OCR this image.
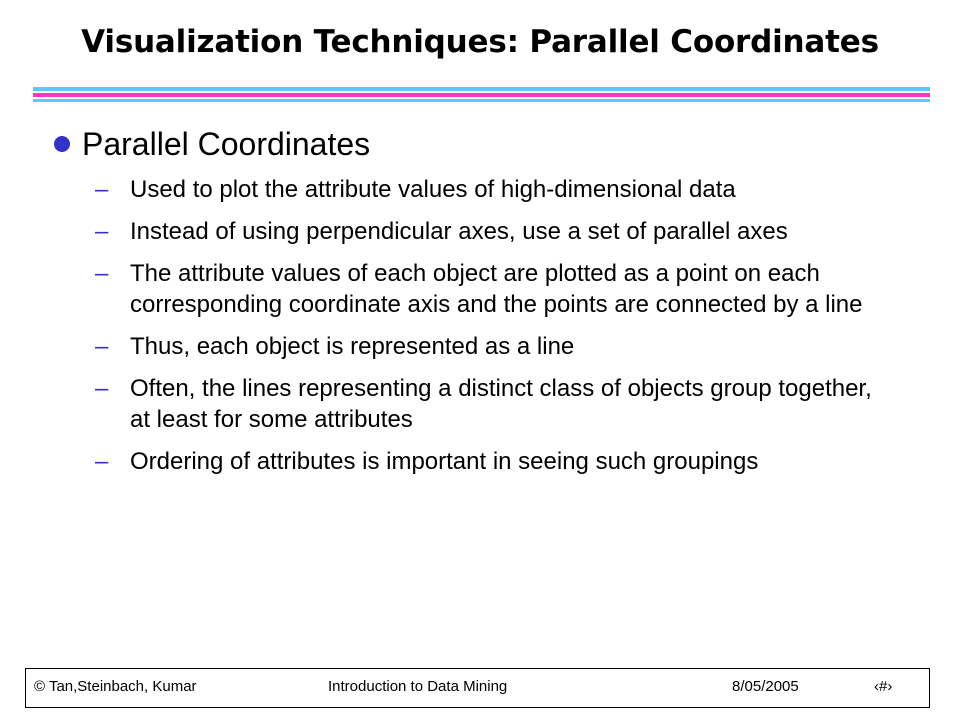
Visualization Techniques: Parallel Coordinates
Parallel Coordinates
– Used to plot the attribute values of high-dimensional data
– Instead of using perpendicular axes, use a set of parallel axes
– The attribute values of each object are plotted as a point on each corresponding coordinate axis and the points are connected by a line
– Thus, each object is represented as a line
– Often, the lines representing a distinct class of objects group together, at least for some attributes
– Ordering of attributes is important in seeing such groupings
© Tan,Steinbach, Kumar	Introduction to Data Mining	8/05/2005	‹#›
